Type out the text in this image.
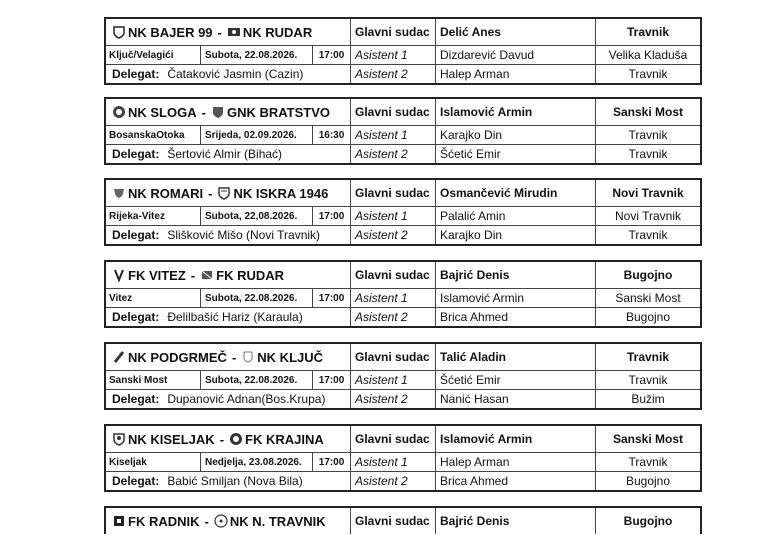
NK BAJER 99 - NK RUDAR	Glavni sudac Delić Anes	Travnik
Ključ/Velagići	Subota, 22.08.2026.	17:00 Asistent 1	Dizdarević Davud	Velika Kladuša
Delegat: Čataković Jasmin (Cazin)	Asistent 2	Halep Arman	Travnik
NK SLOGA - GNK BRATSTVO	Glavni sudac Islamović Armin	Sanski Most
BosanskaOtoka	Srijeda, 02.09.2026.	16:30 Asistent 1	Karajko Din	Travnik
Delegat: Šertović Almir (Bihać)	Asistent 2	Šćetić Emir	Travnik
NK ROMARI - NK ISKRA 1946	Glavni sudac Osmančević Mirudin	Novi Travnik
Rijeka-Vitez	Subota, 22,08.2026.	17:00 Asistent 1	Palalić Amin	Novi Travnik
Delegat: Slišković Mišo (Novi Travnik)	Asistent 2	Karajko Din	Travnik
FK VITEZ - FK RUDAR	Glavni sudac Bajrić Denis	Bugojno
Vitez	Subota, 22.08.2026.	17:00 Asistent 1	Islamović Armin	Sanski Most
Delegat: Đelilbašić Hariz (Karaula)	Asistent 2	Brica Ahmed	Bugojno
NK PODGRMEČ - NK KLJUČ	Glavni sudac Talić Aladin	Travnik
Sanski Most	Subota, 22.08.2026.	17:00 Asistent 1	Šćetić Emir	Travnik
Delegat: Dupanović Adnan(Bos.Krupa)	Asistent 2	Nanić Hasan	Bužim
NK KISELJAK - FK KRAJINA	Glavni sudac Islamović Armin	Sanski Most
Kiseljak	Nedjelja, 23.08.2026.	17:00 Asistent 1	Halep Arman	Travnik
Delegat: Babić Smiljan (Nova Bila)	Asistent 2	Brica Ahmed	Bugojno
FK RADNIK - NK N. TRAVNIK	Glavni sudac Bajrić Denis	Bugojno
